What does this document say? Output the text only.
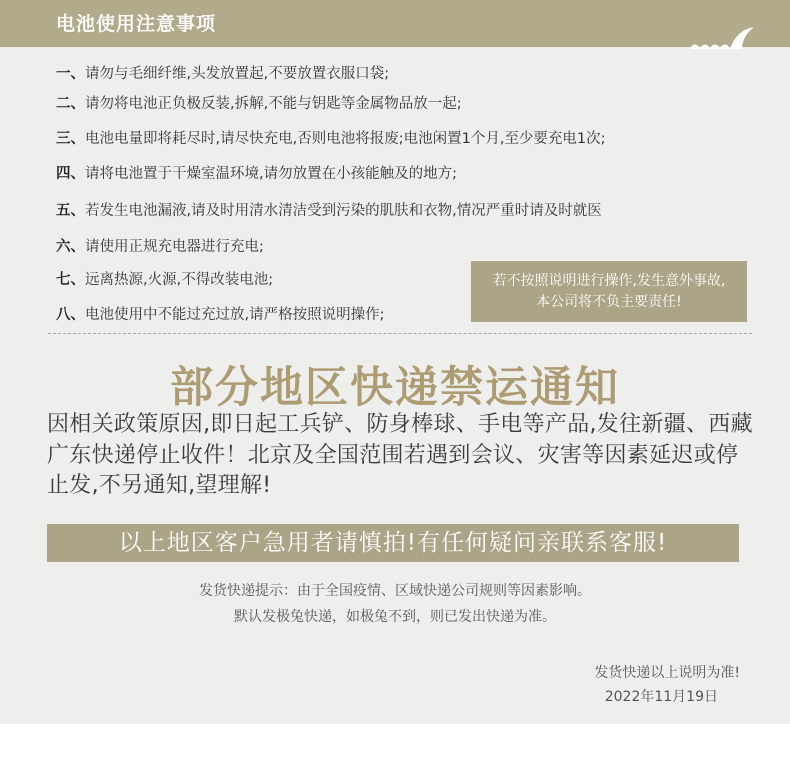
电池使用注意事项
一、请勿与毛细纤维,头发放置起,不要放置衣服口袋;
二、请勿将电池正负极反装,拆解,不能与钥匙等金属物品放一起;
三、电池电量即将耗尽时,请尽快充电,否则电池将报废;电池闲置1个月,至少要充电1次;
四、请将电池置于干燥室温环境,请勿放置在小孩能触及的地方;
五、若发生电池漏液,请及时用清水清洁受到污染的肌肤和衣物,情况严重时请及时就医
六、请使用正规充电器进行充电;
七、远离热源,火源,不得改装电池;
八、电池使用中不能过充过放,请严格按照说明操作;
若不按照说明进行操作,发生意外事故,本公司将不负主要责任!
部分地区快递禁运通知
因相关政策原因,即日起工兵铲、防身棒球、手电等产品,发往新疆、西藏广东快递停止收件！北京及全国范围若遇到会议、灾害等因素延迟或停止发,不另通知,望理解!
以上地区客户急用者请慎拍!有任何疑问亲联系客服!
发货快递提示：由于全国疫情、区域快递公司规则等因素影响。
默认发极兔快递，如极兔不到，则已发出快递为准。
发货快递以上说明为准!
2022年11月19日
